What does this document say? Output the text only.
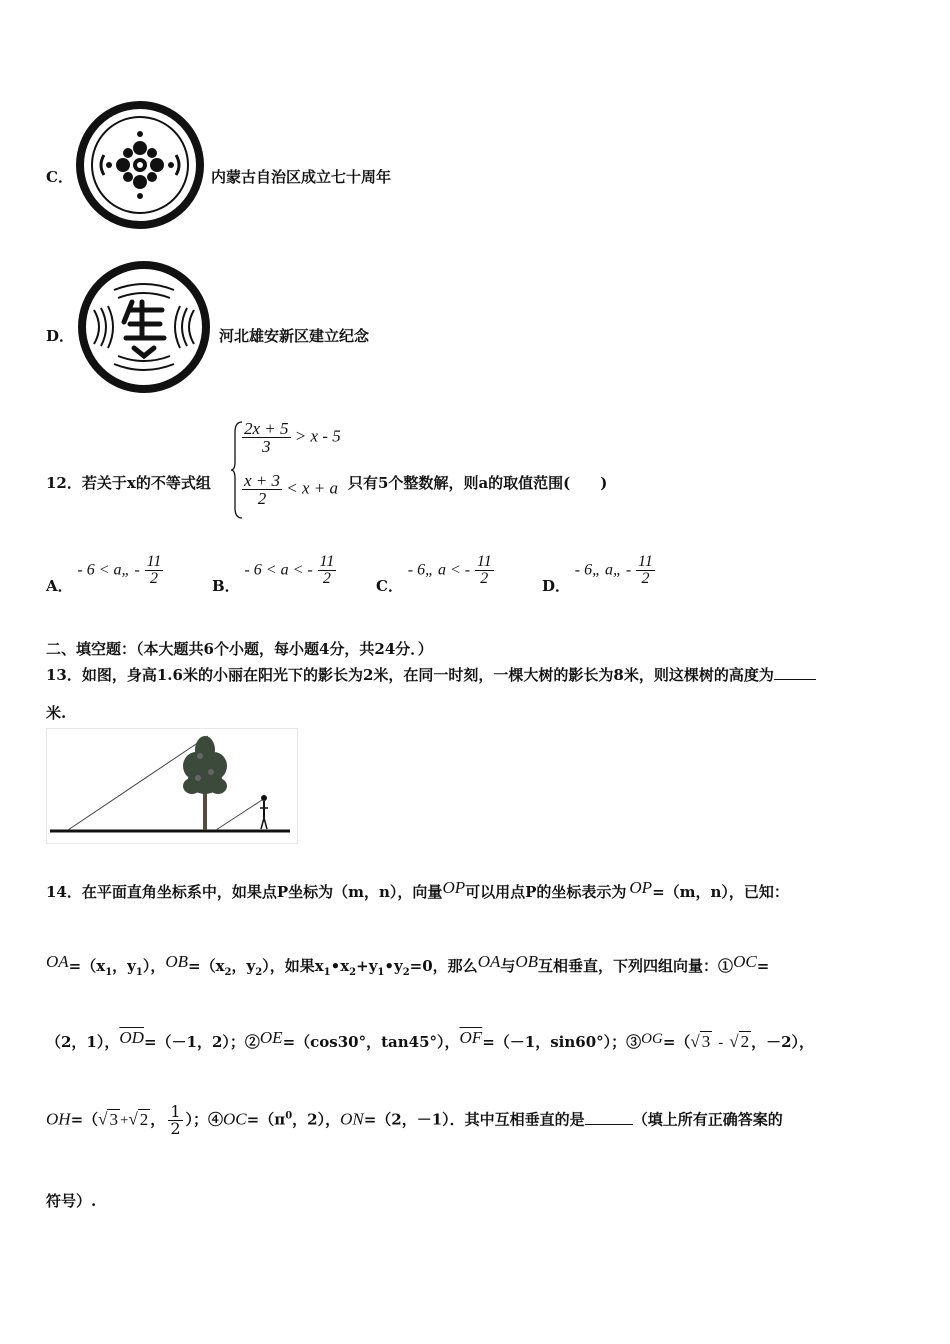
C．	内蒙古自治区成立七十周年
D．	河北雄安新区建立纪念
12．若关于x的不等式组
$\frac{2x + 5}{3} > x - 5$
$\frac{x + 3}{2} < x + a$ 只有5个整数解，则a的取值范围(　　)
A． - 6 < a„ - $\frac{11}{2}$	B． - 6 < a < - $\frac{11}{2}$	C． - 6„ a < - $\frac{11}{2}$	D． - 6„ a„ - $\frac{11}{2}$
二、填空题：（本大题共6个小题，每小题4分，共24分．）
13．如图，身高1.6米的小丽在阳光下的影长为2米，在同一时刻，一棵大树的影长为8米，则这棵树的高度为
米.
14．在平面直角坐标系中，如果点P坐标为（m，n），向量OP可以用点P的坐标表示为 OP=（m，n），已知：
$OA=(x_1$，$y_1$），$OB=(x_2$，$y_2$），如果$x_1•x_2+y_1•y_2=0$，那么OA与OB互相垂直，下列四组向量：①OC=
（2，1），$\overline{OD}=(-1$，2）；②OE=（cos30°，tan45°），$\overline{OF}=(-1$，sin60°）；③OG=（√ 3 - √ 2 ，－2），
OH=（√ 3 +√ 2 ， $\frac{1}{2}$ ）；$④OC=(\pi^0$，2），ON=（2，－1）．其中互相垂直的是	（填上所有正确答案的
符号）.
